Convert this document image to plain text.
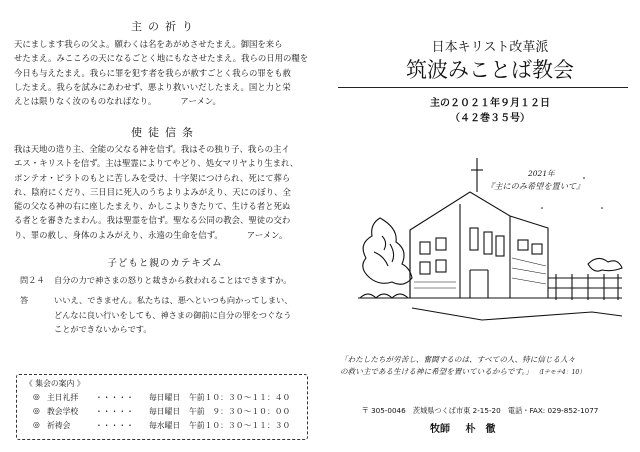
主の祈り
天にまします我らの父よ。願わくは名をあがめさせたまえ。御国を来ら
せたまえ。みこころの天になるごとく地にもなさせたまえ。我らの日用の糧を
今日も与えたまえ。我らに罪を犯す者を我らが赦すごとく我らの罪をも赦
したまえ。我らを試みにあわせず、悪より救いいだしたまえ。国と力と栄
えとは限りなく汝のものなればなり。	アーメン。
使徒信条
我は天地の造り主、全能の父なる神を信ず。我はその独り子、我らの主イ
エス・キリストを信ず。主は聖霊によりてやどり、処女マリヤより生まれ、
ポンテオ・ピラトのもとに苦しみを受け、十字架につけられ、死にて葬ら
れ、陰府にくだり、三日目に死人のうちよりよみがえり、天にのぼり、全
能の父なる神の右に座したまえり、かしこよりきたりて、生ける者と死ぬ
る者とを審きたまわん。我は聖霊を信ず。聖なる公同の教会、聖徒の交わ
り、罪の赦し、身体のよみがえり、永遠の生命を信ず。	アーメン。
子どもと親のカテキズム
問２４ 自分の力で神さまの怒りと裁きから救われることはできますか。
答	いいえ、できません。私たちは、悪へといつも向かってしまい、
どんなに良い行いをしても、神さまの御前に自分の罪をつぐなう
ことができないからです。
《 集会の案内 》
◎ 主日礼拝 ・・・・・ 毎日曜日 午前１０：３０～１１：４０
◎ 教会学校 ・・・・・ 毎日曜日 午前　９：３０～１０：００
◎ 祈祷会	・・・・・ 毎水曜日 午前１０：３０～１１：３０
日本キリスト改革派
筑波みことば教会
主の２０２１年９月１２日
（４２巻３５号）
2021年
『主にのみ希望を置いて』
「わたしたちが労苦し、奮闘するのは、すべての人、特に信じる人々
の救い主である生ける神に希望を置いているからです。」 （Ⅰテモテ4：10）
〒 305-0046　茨城県つくば市東 2-15-20　電話・FAX: 029-852-1077
牧師 朴　徹
